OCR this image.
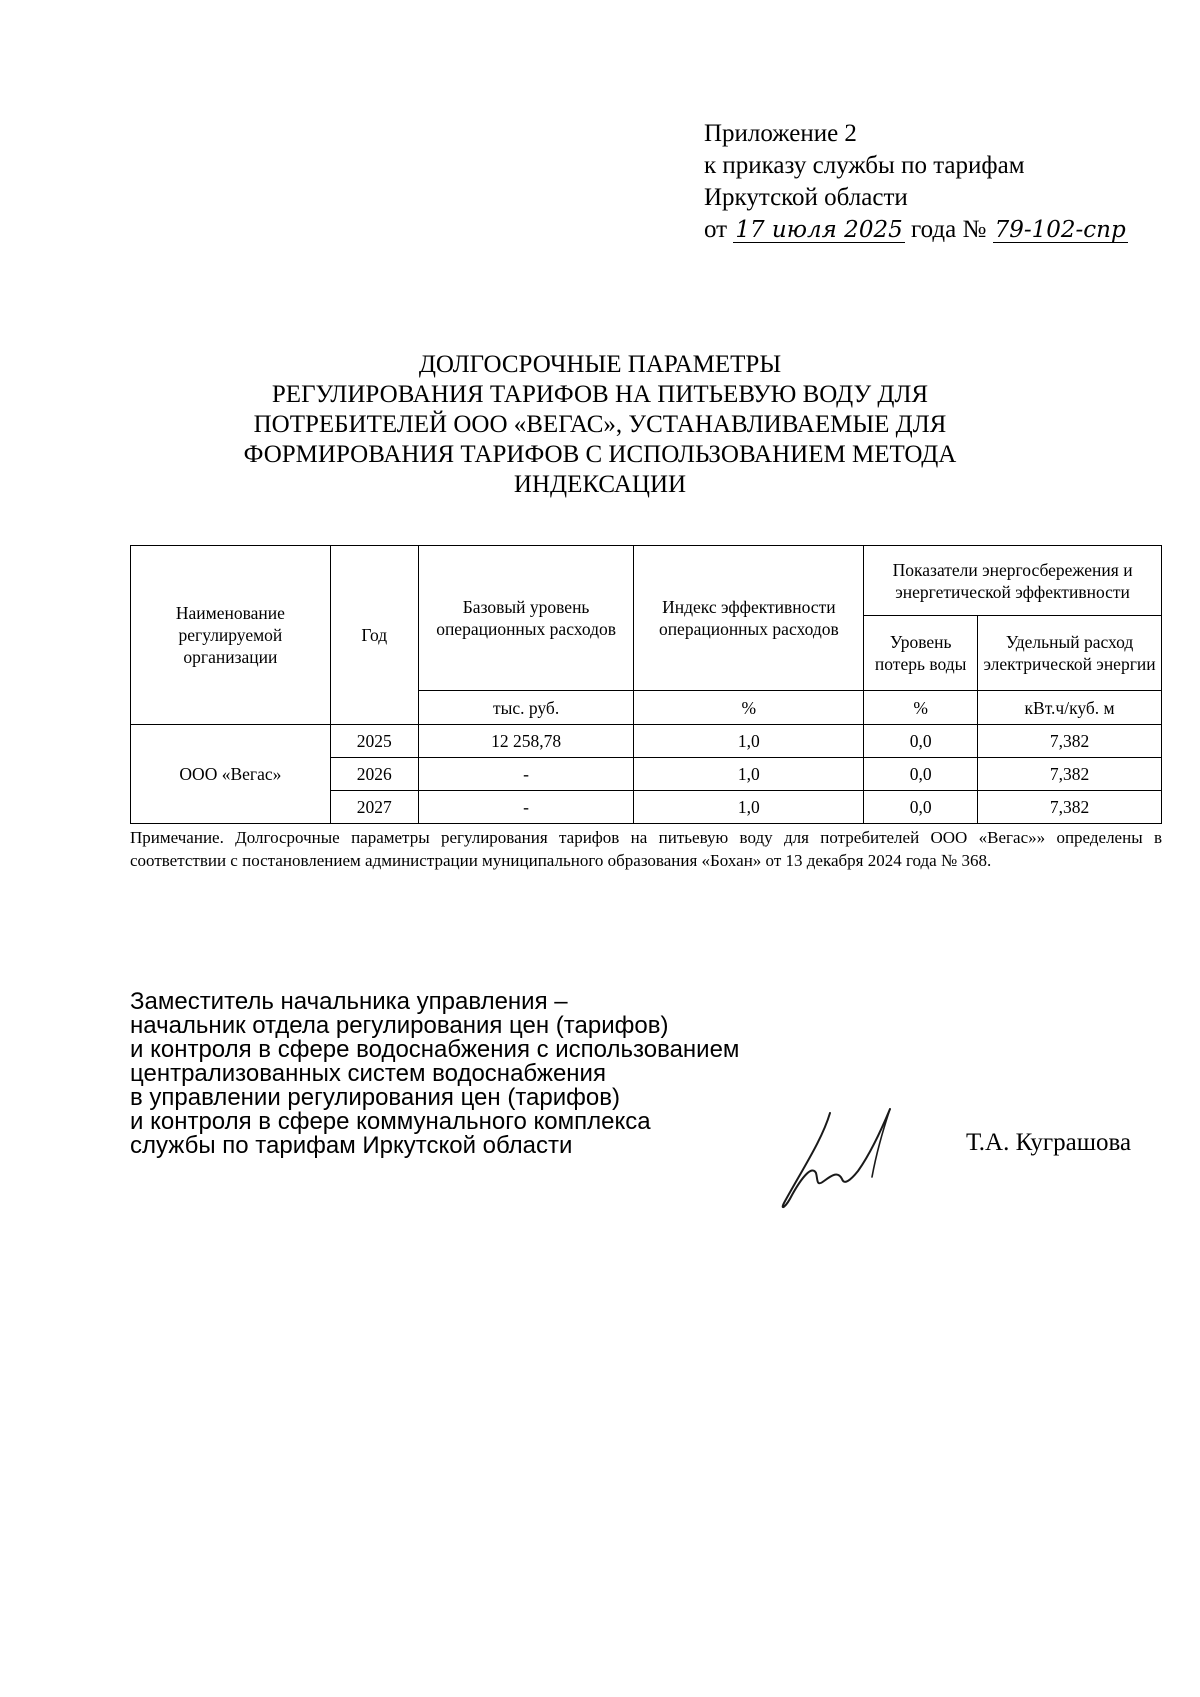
Приложение 2
к приказу службы по тарифам
Иркутской области
от 17 июля 2025 года № 79-102-спр
ДОЛГОСРОЧНЫЕ ПАРАМЕТРЫ
РЕГУЛИРОВАНИЯ ТАРИФОВ НА ПИТЬЕВУЮ ВОДУ ДЛЯ
ПОТРЕБИТЕЛЕЙ ООО «ВЕГАС», УСТАНАВЛИВАЕМЫЕ ДЛЯ
ФОРМИРОВАНИЯ ТАРИФОВ С ИСПОЛЬЗОВАНИЕМ МЕТОДА
ИНДЕКСАЦИИ
Наименование регулируемой организации	Год	Базовый уровень операционных расходов	Индекс эффективности операционных расходов	Показатели энергосбережения и энергетической эффективности	
				Уровень потерь воды	Удельный расход электрической энергии
		тыс. руб.	%	%	кВт.ч/куб. м
ООО «Вегас»	2025	12 258,78	1,0	0,0	7,382
	2026	-	1,0	0,0	7,382
	2027	-	1,0	0,0	7,382
Примечание. Долгосрочные параметры регулирования тарифов на питьевую воду для потребителей ООО «Вегас»» определены в соответствии с постановлением администрации муниципального образования «Бохан» от 13 декабря 2024 года № 368.
Заместитель начальника управления –
начальник отдела регулирования цен (тарифов)
и контроля в сфере водоснабжения с использованием
централизованных систем водоснабжения
в управлении регулирования цен (тарифов)
и контроля в сфере коммунального комплекса
службы по тарифам Иркутской области	Т.А. Куграшова
